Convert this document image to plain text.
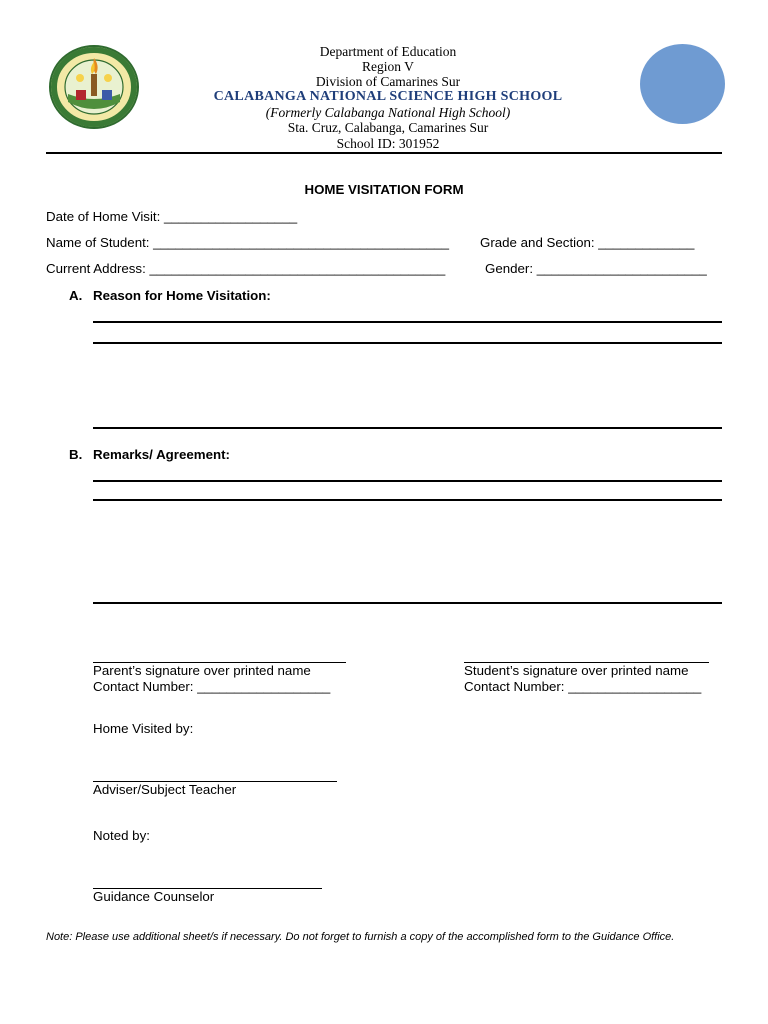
Department of Education
Region V
Division of Camarines Sur
CALABANGA NATIONAL SCIENCE HIGH SCHOOL
(Formerly Calabanga National High School)
Sta. Cruz, Calabanga, Camarines Sur
School ID: 301952
HOME VISITATION FORM
Date of Home Visit: __________________
Name of Student: ________________________________________ Grade and Section: _____________
Current Address: ________________________________________	Gender: _______________________
A. Reason for Home Visitation:
B. Remarks/ Agreement:
Parent’s signature over printed name
Contact Number: __________________
Student’s signature over printed name
Contact Number: __________________
Home Visited by:
Adviser/Subject Teacher
Noted by:
Guidance Counselor
Note: Please use additional sheet/s if necessary. Do not forget to furnish a copy of the accomplished form to the Guidance Office.
